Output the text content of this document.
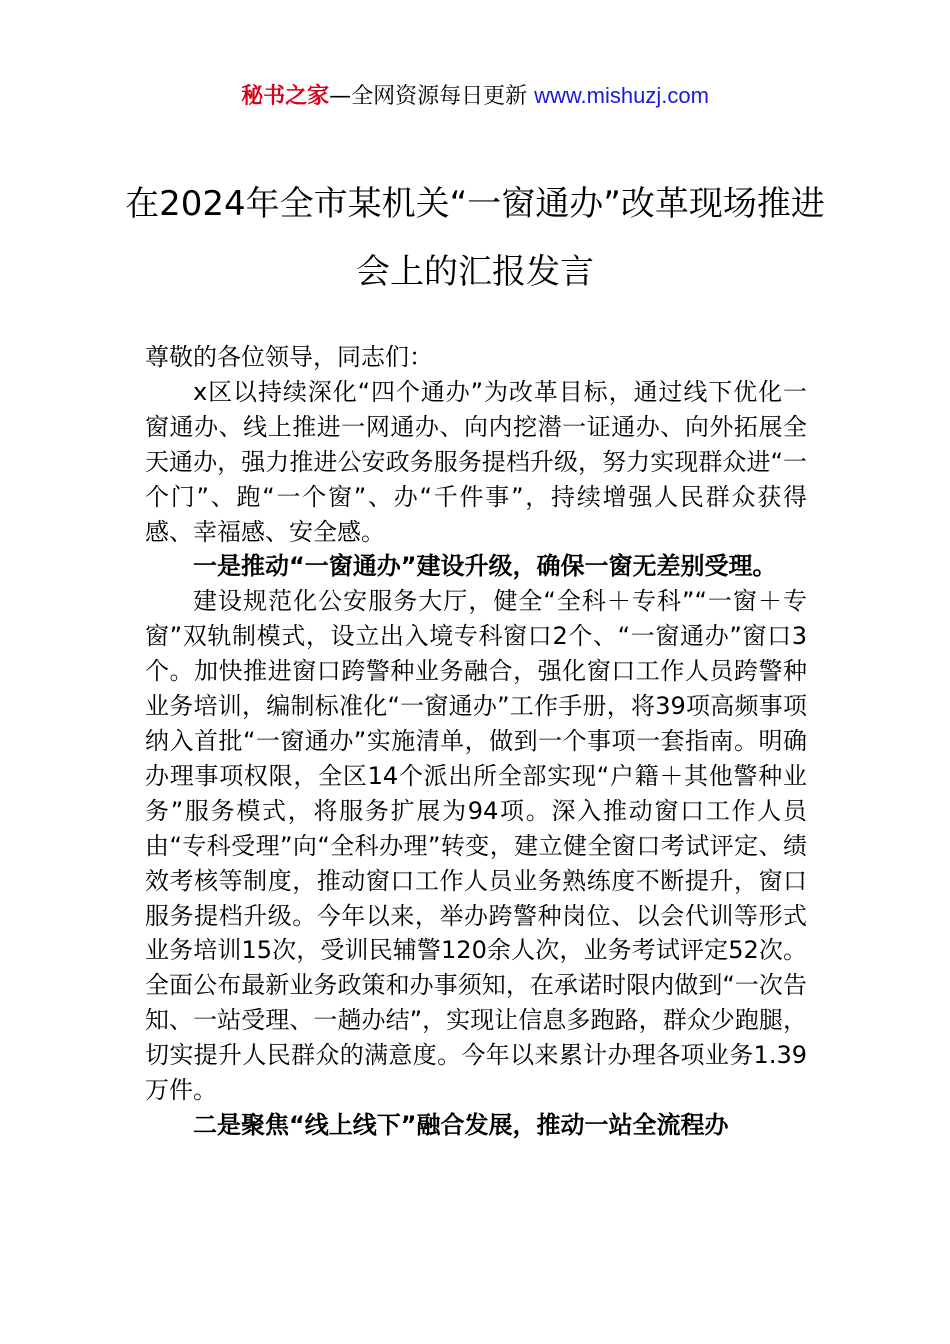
秘书之家—全网资源每日更新 www.mishuzj.com
在2024年全市某机关“一窗通办”改革现场推进会上的汇报发言

尊敬的各位领导，同志们：

x区以持续深化“四个通办”为改革目标，通过线下优化一窗通办、线上推进一网通办、向内挖潜一证通办、向外拓展全天通办，强力推进公安政务服务提档升级，努力实现群众进“一个门”、跑“一个窗”、办“千件事”，持续增强人民群众获得感、幸福感、安全感。

一是推动“一窗通办”建设升级，确保一窗无差别受理。

建设规范化公安服务大厅，健全“全科＋专科”“一窗＋专窗”双轨制模式，设立出入境专科窗口2个、“一窗通办”窗口3个。加快推进窗口跨警种业务融合，强化窗口工作人员跨警种业务培训，编制标准化“一窗通办”工作手册，将39项高频事项纳入首批“一窗通办”实施清单，做到一个事项一套指南。明确办理事项权限，全区14个派出所全部实现“户籍＋其他警种业务”服务模式，将服务扩展为94项。深入推动窗口工作人员由“专科受理”向“全科办理”转变，建立健全窗口考试评定、绩效考核等制度，推动窗口工作人员业务熟练度不断提升，窗口服务提档升级。今年以来，举办跨警种岗位、以会代训等形式业务培训15次，受训民辅警120余人次，业务考试评定52次。全面公布最新业务政策和办事须知，在承诺时限内做到“一次告知、一站受理、一趟办结”，实现让信息多跑路，群众少跑腿，切实提升人民群众的满意度。今年以来累计办理各项业务1.39万件。

二是聚焦“线上线下”融合发展，推动一站全流程办
